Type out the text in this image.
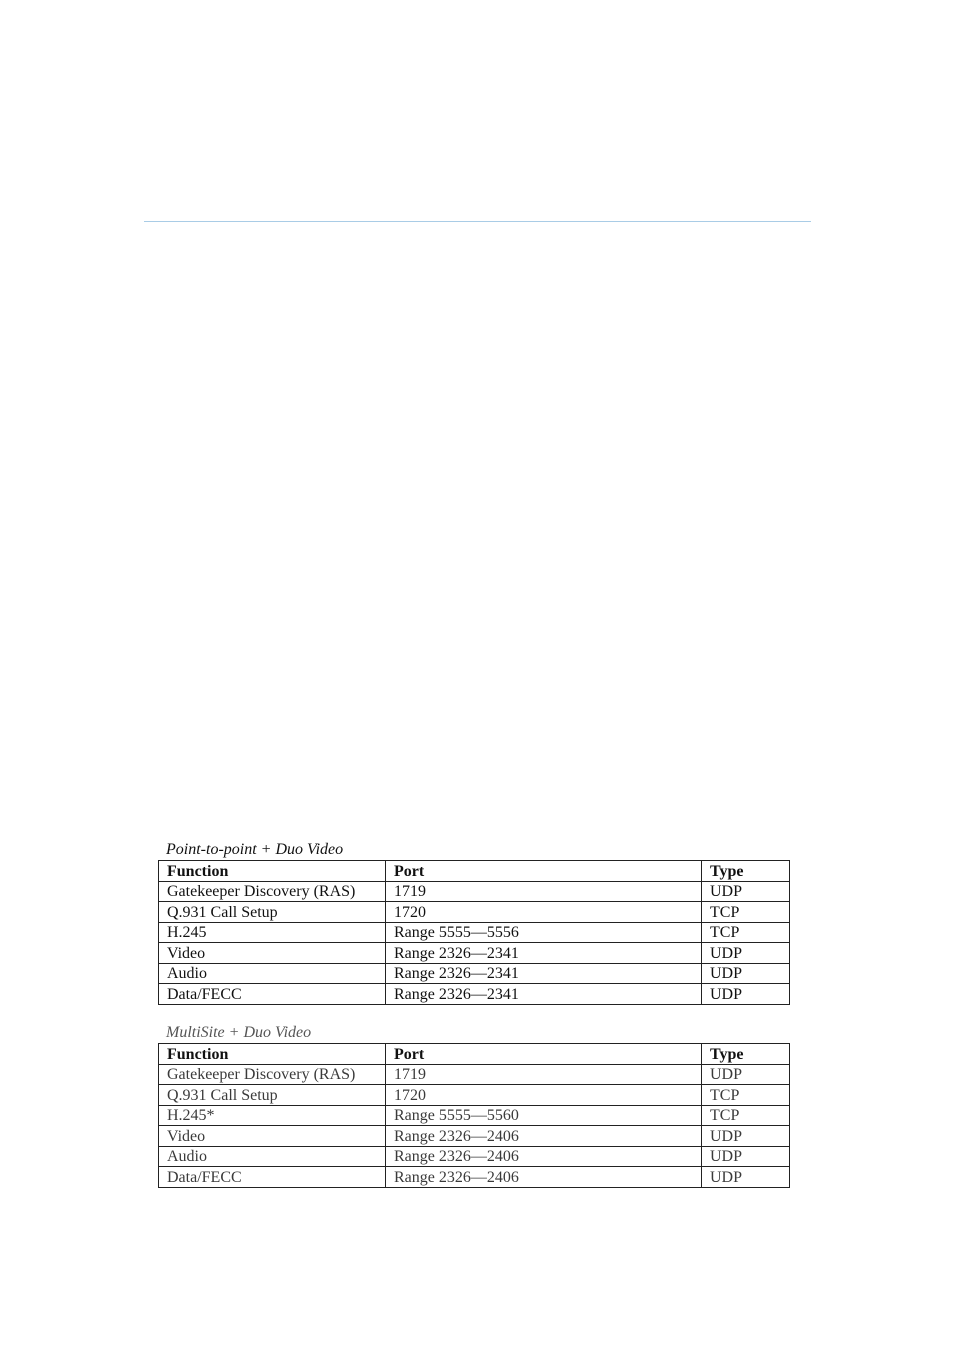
Point-to-point + Duo Video
Function	Port	Type
Gatekeeper Discovery (RAS)	1719	UDP
Q.931 Call Setup	1720	TCP
H.245	Range 5555—5556	TCP
Video	Range 2326—2341	UDP
Audio	Range 2326—2341	UDP
Data/FECC	Range 2326—2341	UDP
MultiSite + Duo Video
Function	Port	Type
Gatekeeper Discovery (RAS)	1719	UDP
Q.931 Call Setup	1720	TCP
H.245*	Range 5555—5560	TCP
Video	Range 2326—2406	UDP
Audio	Range 2326—2406	UDP
Data/FECC	Range 2326—2406	UDP
